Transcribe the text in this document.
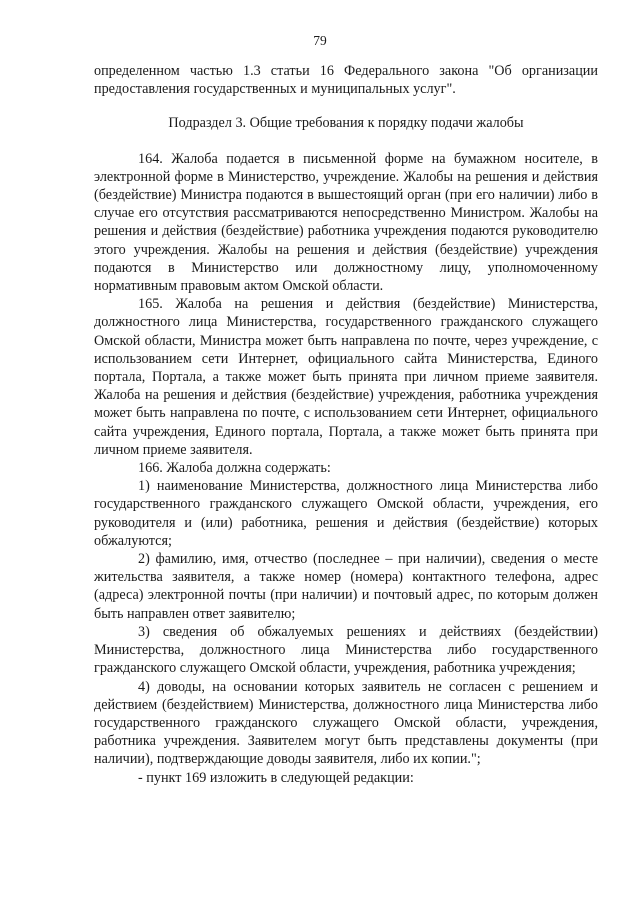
79

определенном частью 1.3 статьи 16 Федерального закона "Об организации предоставления государственных и муниципальных услуг".

Подраздел 3. Общие требования к порядку подачи жалобы

164. Жалоба подается в письменной форме на бумажном носителе, в электронной форме в Министерство, учреждение. Жалобы на решения и действия (бездействие) Министра подаются в вышестоящий орган (при его наличии) либо в случае его отсутствия рассматриваются непосредственно Министром. Жалобы на решения и действия (бездействие) работника учреждения подаются руководителю этого учреждения. Жалобы на решения и действия (бездействие) учреждения подаются в Министерство или должностному лицу, уполномоченному нормативным правовым актом Омской области.

165. Жалоба на решения и действия (бездействие) Министерства, должностного лица Министерства, государственного гражданского служащего Омской области, Министра может быть направлена по почте, через учреждение, с использованием сети Интернет, официального сайта Министерства, Единого портала, Портала, а также может быть принята при личном приеме заявителя. Жалоба на решения и действия (бездействие) учреждения, работника учреждения может быть направлена по почте, с использованием сети Интернет, официального сайта учреждения, Единого портала, Портала, а также может быть принята при личном приеме заявителя.

166. Жалоба должна содержать:

1) наименование Министерства, должностного лица Министерства либо государственного гражданского служащего Омской области, учреждения, его руководителя и (или) работника, решения и действия (бездействие) которых обжалуются;

2) фамилию, имя, отчество (последнее – при наличии), сведения о месте жительства заявителя, а также номер (номера) контактного телефона, адрес (адреса) электронной почты (при наличии) и почтовый адрес, по которым должен быть направлен ответ заявителю;

3) сведения об обжалуемых решениях и действиях (бездействии) Министерства, должностного лица Министерства либо государственного гражданского служащего Омской области, учреждения, работника учреждения;

4) доводы, на основании которых заявитель не согласен с решением и действием (бездействием) Министерства, должностного лица Министерства либо государственного гражданского служащего Омской области, учреждения, работника учреждения. Заявителем могут быть представлены документы (при наличии), подтверждающие доводы заявителя, либо их копии.";

- пункт 169 изложить в следующей редакции:
